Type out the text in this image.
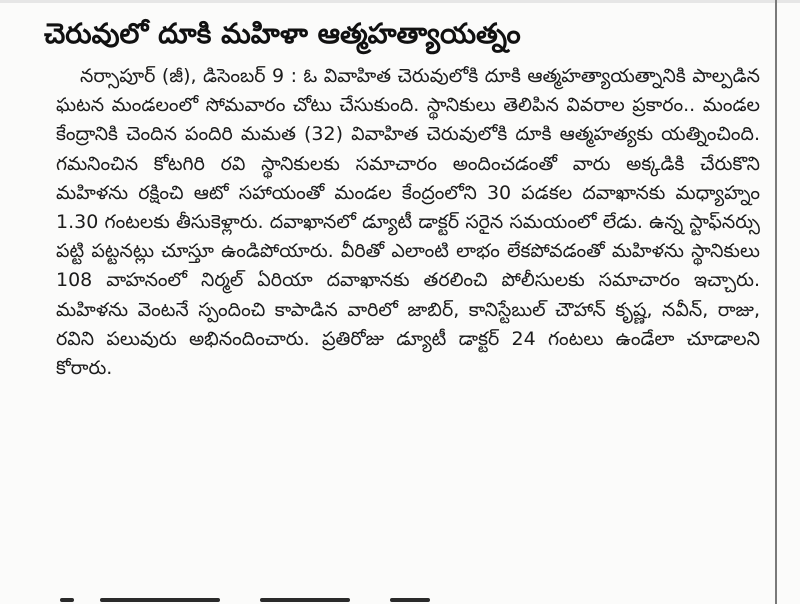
చెరువులో దూకి మహిళా ఆత్మహత్యాయత్నం
నర్సాపూర్ (జీ), డిసెంబర్ 9 : ఓ వివాహిత చెరువులోకి దూకి ఆత్మహత్యాయత్నానికి పాల్పడిన ఘటన మండలంలో సోమవారం చోటు చేసుకుంది. స్థానికులు తెలిపిన వివరాల ప్రకారం.. మండల కేంద్రానికి చెందిన పందిరి మమత (32) వివాహిత చెరువులోకి దూకి ఆత్మహత్యకు యత్నించింది. గమనించిన కోటగిరి రవి స్థానికులకు సమాచారం అందించడంతో వారు అక్కడికి చేరుకొని మహిళను రక్షించి ఆటో సహాయంతో మండల కేంద్రంలోని 30 పడకల దవాఖానకు మధ్యాహ్నం 1.30 గంటలకు తీసుకెళ్లారు. దవాఖానలో డ్యూటీ డాక్టర్ సరైన సమయంలో లేడు. ఉన్న స్టాఫ్‌నర్సు పట్టి పట్టనట్లు చూస్తూ ఉండిపోయారు. వీరితో ఎలాంటి లాభం లేకపోవడంతో మహిళను స్థానికులు 108 వాహనంలో నిర్మల్ ఏరియా దవాఖానకు తరలించి పోలీసులకు సమాచారం ఇచ్చారు. మహిళను వెంటనే స్పందించి కాపాడిన వారిలో జాబిర్, కానిస్టేబుల్ చౌహాన్ కృష్ణ, నవీన్, రాజు, రవిని పలువురు అభినందించారు. ప్రతిరోజు డ్యూటీ డాక్టర్ 24 గంటలు ఉండేలా చూడాలని కోరారు.
